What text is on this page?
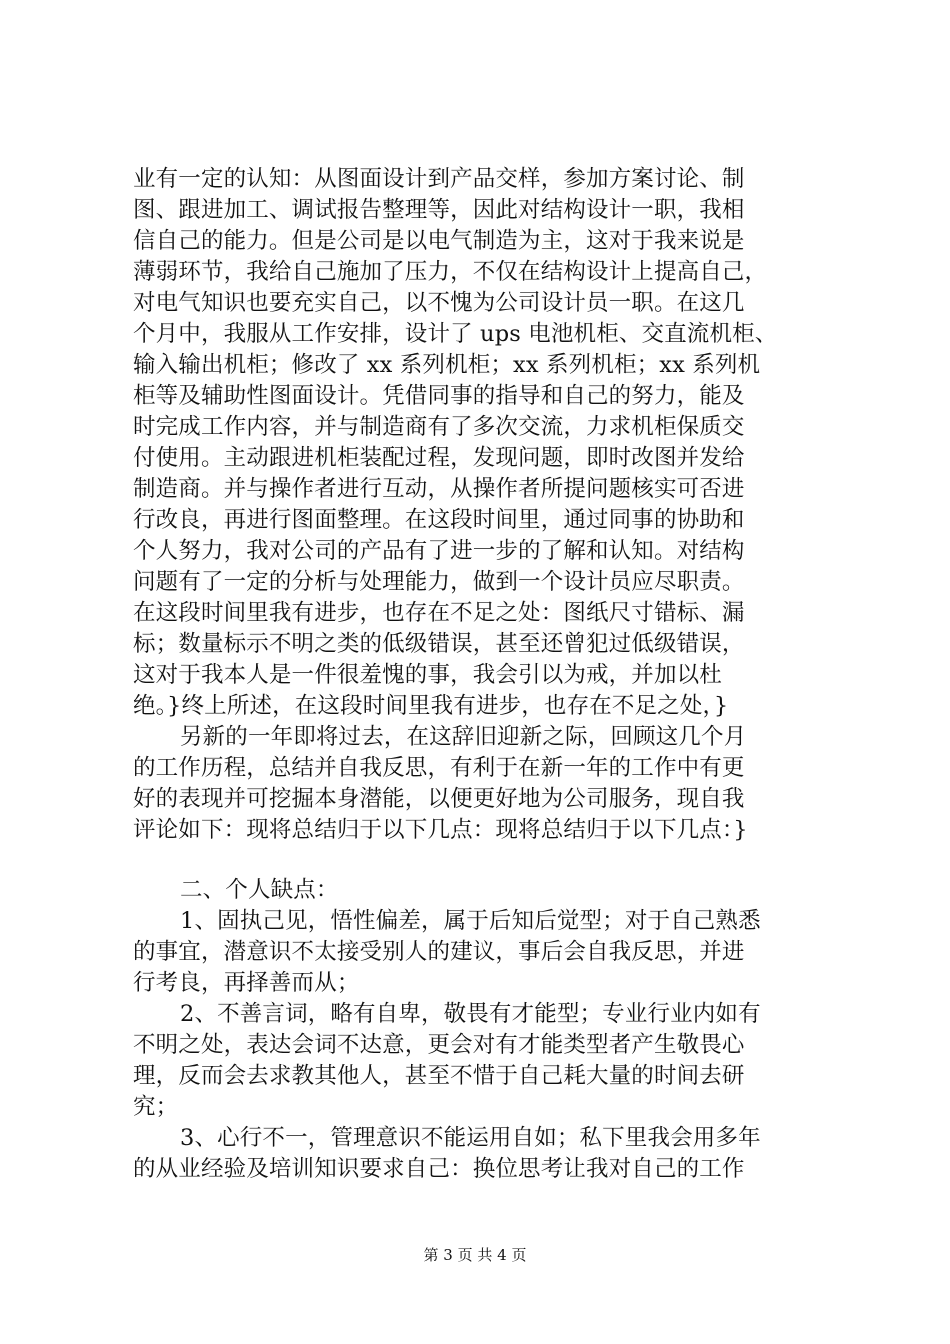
业有一定的认知：从图面设计到产品交样，参加方案讨论、制
图、跟进加工、调试报告整理等，因此对结构设计一职，我相
信自己的能力。但是公司是以电气制造为主，这对于我来说是
薄弱环节，我给自己施加了压力，不仅在结构设计上提高自己，
对电气知识也要充实自己，以不愧为公司设计员一职。在这几
个月中，我服从工作安排，设计了 ups 电池机柜、交直流机柜、
输入输出机柜；修改了 xx 系列机柜；xx 系列机柜；xx 系列机
柜等及辅助性图面设计。凭借同事的指导和自己的努力，能及
时完成工作内容，并与制造商有了多次交流，力求机柜保质交
付使用。主动跟进机柜装配过程，发现问题，即时改图并发给
制造商。并与操作者进行互动，从操作者所提问题核实可否进
行改良，再进行图面整理。在这段时间里，通过同事的协助和
个人努力，我对公司的产品有了进一步的了解和认知。对结构
问题有了一定的分析与处理能力，做到一个设计员应尽职责。
在这段时间里我有进步，也存在不足之处：图纸尺寸错标、漏
标；数量标示不明之类的低级错误，甚至还曾犯过低级错误，
这对于我本人是一件很羞愧的事，我会引以为戒，并加以杜
绝。}终上所述，在这段时间里我有进步，也存在不足之处，}
另新的一年即将过去，在这辞旧迎新之际，回顾这几个月
的工作历程，总结并自我反思，有利于在新一年的工作中有更
好的表现并可挖掘本身潜能，以便更好地为公司服务，现自我
评论如下：现将总结归于以下几点：现将总结归于以下几点：}
二、个人缺点：
1、固执己见，悟性偏差，属于后知后觉型；对于自己熟悉
的事宜，潜意识不太接受别人的建议，事后会自我反思，并进
行考良，再择善而从；
2、不善言词，略有自卑，敬畏有才能型；专业行业内如有
不明之处，表达会词不达意，更会对有才能类型者产生敬畏心
理，反而会去求教其他人，甚至不惜于自己耗大量的时间去研
究；
3、心行不一，管理意识不能运用自如；私下里我会用多年
的从业经验及培训知识要求自己：换位思考让我对自己的工作
第 3 页 共 4 页
